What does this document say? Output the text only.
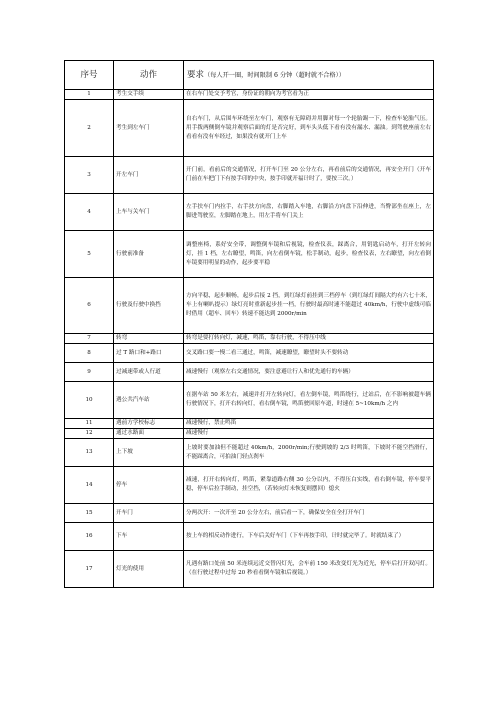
序号	动作	要求（每人开一圈，时间限制 6 分钟（超时就不合格））
1	考生交手续	在右车门处交予考官，身份证的朝向为考官看为正
2	考生到左车门	自右车门，从后围车环绕至左车门，观察有无障碍并用脚对每一个轮胎踢一下，检查车轮胎气压。用手拨两侧倒车镜并观察后面的灯是否完好，到车头头低下看有没有漏水、漏油。到驾驶座前左右看看有没有车经过，如果没有就开门上车
3	开左车门	开门前，看前后的交通情况，打开车门至 20 公分左右，再看前后的交通情况，再安全开门（开车门前在车把门下有按手印的中央，按手印就开福计时了，要按三次。）
4	上车与关车门	左手扶车门内拉手，右手扶方向盘，右脚踏入车地，右脚沿方向盘下沿伸进，当臀部坐在座上，左脚进驾驶室，左脚踏在地上，用左手将车门关上
5	行驶前准备	调整座椅，系好安全带，调整倒车镜和后视镜，检查仪表，踩离合，用钥匙启动车，打开左转向灯，挂 1 档，左右瞭望，鸣笛，向左看倒车镜，松手制动，起步，检查仪表，左右瞭望，向左看倒车镜要用明显的动作，起步要平稳
6	行驶及行驶中换挡	方向平稳，起步顺畅，起步后接 2 挡，到红绿灯前挂到三档停车（到红绿灯间隔大约有六七十米，车上有喇叭提示）绿灯亮时重新起步挂一档，行驶时最高时速不能超过 40km/h，行驶中虚线可临时借用（超车、回车）转速不能达到 2000r/min
7	转弯	转弯是要打转向灯，减速，鸣笛，靠右行驶，不得压中线
8	过 T 路口和+路口	交叉路口要一慢二看三通过，鸣笛，减速瞭望，瞭望时头不要转动
9	过减速带或人行道	减速慢行（观察左右交通情况，要注意避让行人和优先通行的车辆）
10	遇公共汽车站	在据车站 50 米左右，减速并打开左转向灯，看左倒车镜，鸣笛绕行，过站后，在不影响被超车辆行驶情况下，打开右转向灯，看右倒车镜，鸣笛驶回原车道，时速在 5~10km/h 之内
11	遇前方学校标志	减速慢行，禁止鸣笛
12	通过水路面	减速慢行
13	上下坡	上坡时要加油但不能超过 40km/h，2000r/min;行驶到坡的 2/3 时鸣笛，下坡时不能空挡滑行，不能踩离合，可拍油门轻点刹车
14	停车	减速，打开右转向灯，鸣笛，紧靠道路右侧 30 公分以内，不得压白实线，看右倒车镜，停车要平稳，停车后拉手制动，挂空挡，（若转向灯未恢复则摆回）熄火
15	开车门	分两次开：一次开至 20 公分左右，前后看一下，确保安全在全打开车门
16	下车	按上车的相反动作进行，下车后关好车门（下车再按手印，计时就完毕了。时就结束了）
17	灯光的使用	凡遇有路口处前 50 米连续远近交替闪灯光，会车前 150 米改变灯光为近光，停车后打开双闪灯。（在行驶过程中过每 20 秒看看倒车镜和后视镜。）
